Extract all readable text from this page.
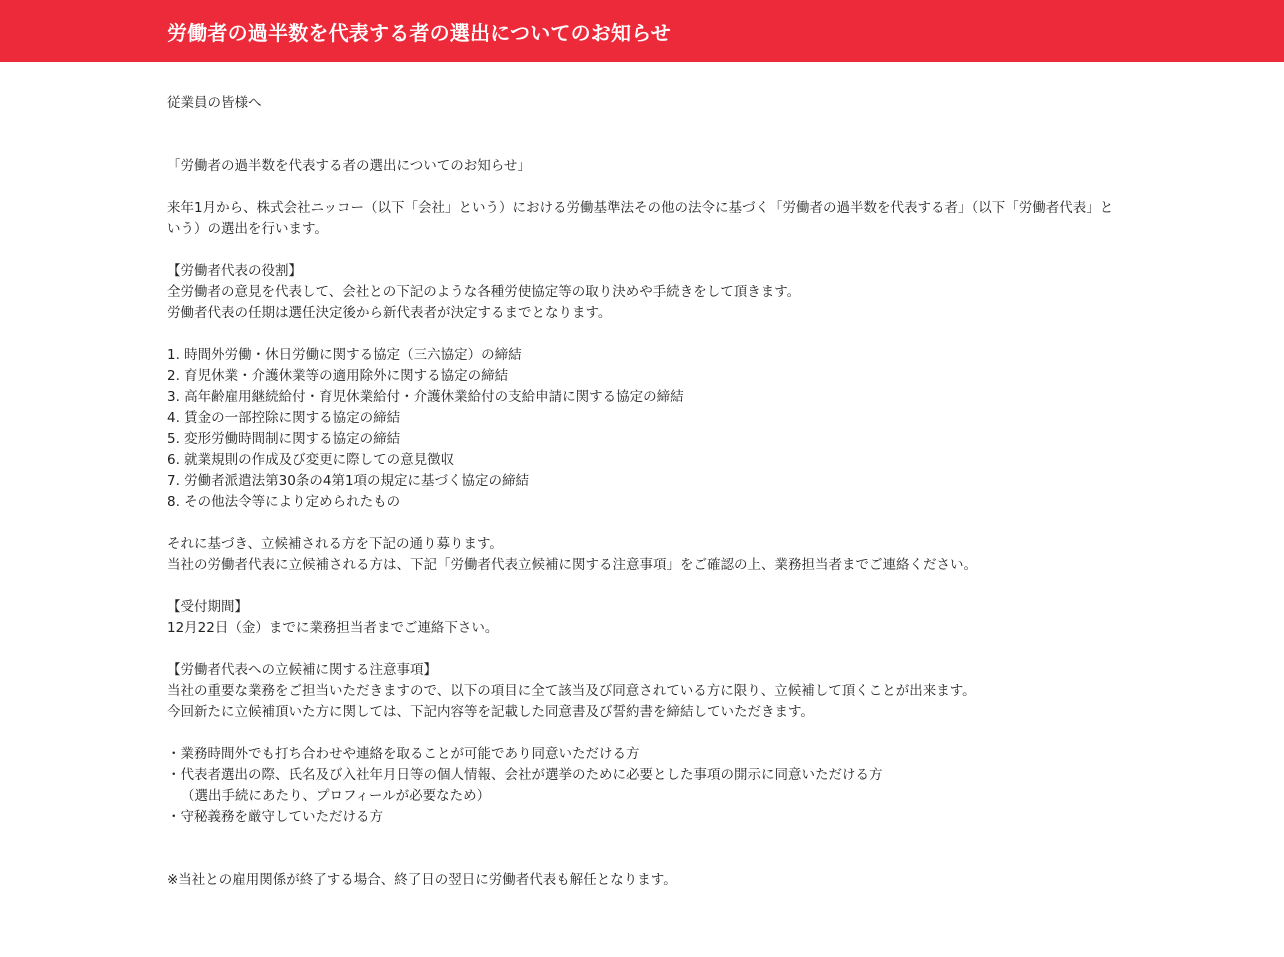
労働者の過半数を代表する者の選出についてのお知らせ
従業員の皆様へ
「労働者の過半数を代表する者の選出についてのお知らせ」
来年1月から、株式会社ニッコー（以下「会社」という）における労働基準法その他の法令に基づく「労働者の過半数を代表する者」（以下「労働者代表」という）の選出を行います。
【労働者代表の役割】
全労働者の意見を代表して、会社との下記のような各種労使協定等の取り決めや手続きをして頂きます。
労働者代表の任期は選任決定後から新代表者が決定するまでとなります。
1. 時間外労働・休日労働に関する協定（三六協定）の締結
2. 育児休業・介護休業等の適用除外に関する協定の締結
3. 高年齢雇用継続給付・育児休業給付・介護休業給付の支給申請に関する協定の締結
4. 賃金の一部控除に関する協定の締結
5. 変形労働時間制に関する協定の締結
6. 就業規則の作成及び変更に際しての意見徴収
7. 労働者派遣法第30条の4第1項の規定に基づく協定の締結
8. その他法令等により定められたもの
それに基づき、立候補される方を下記の通り募ります。
当社の労働者代表に立候補される方は、下記「労働者代表立候補に関する注意事項」をご確認の上、業務担当者までご連絡ください。
【受付期間】
12月22日（金）までに業務担当者までご連絡下さい。
【労働者代表への立候補に関する注意事項】
当社の重要な業務をご担当いただきますので、以下の項目に全て該当及び同意されている方に限り、立候補して頂くことが出来ます。
今回新たに立候補頂いた方に関しては、下記内容等を記載した同意書及び誓約書を締結していただきます。
・業務時間外でも打ち合わせや連絡を取ることが可能であり同意いただける方
・代表者選出の際、氏名及び入社年月日等の個人情報、会社が選挙のために必要とした事項の開示に同意いただける方
（選出手続にあたり、プロフィールが必要なため）
・守秘義務を厳守していただける方
※当社との雇用関係が終了する場合、終了日の翌日に労働者代表も解任となります。
